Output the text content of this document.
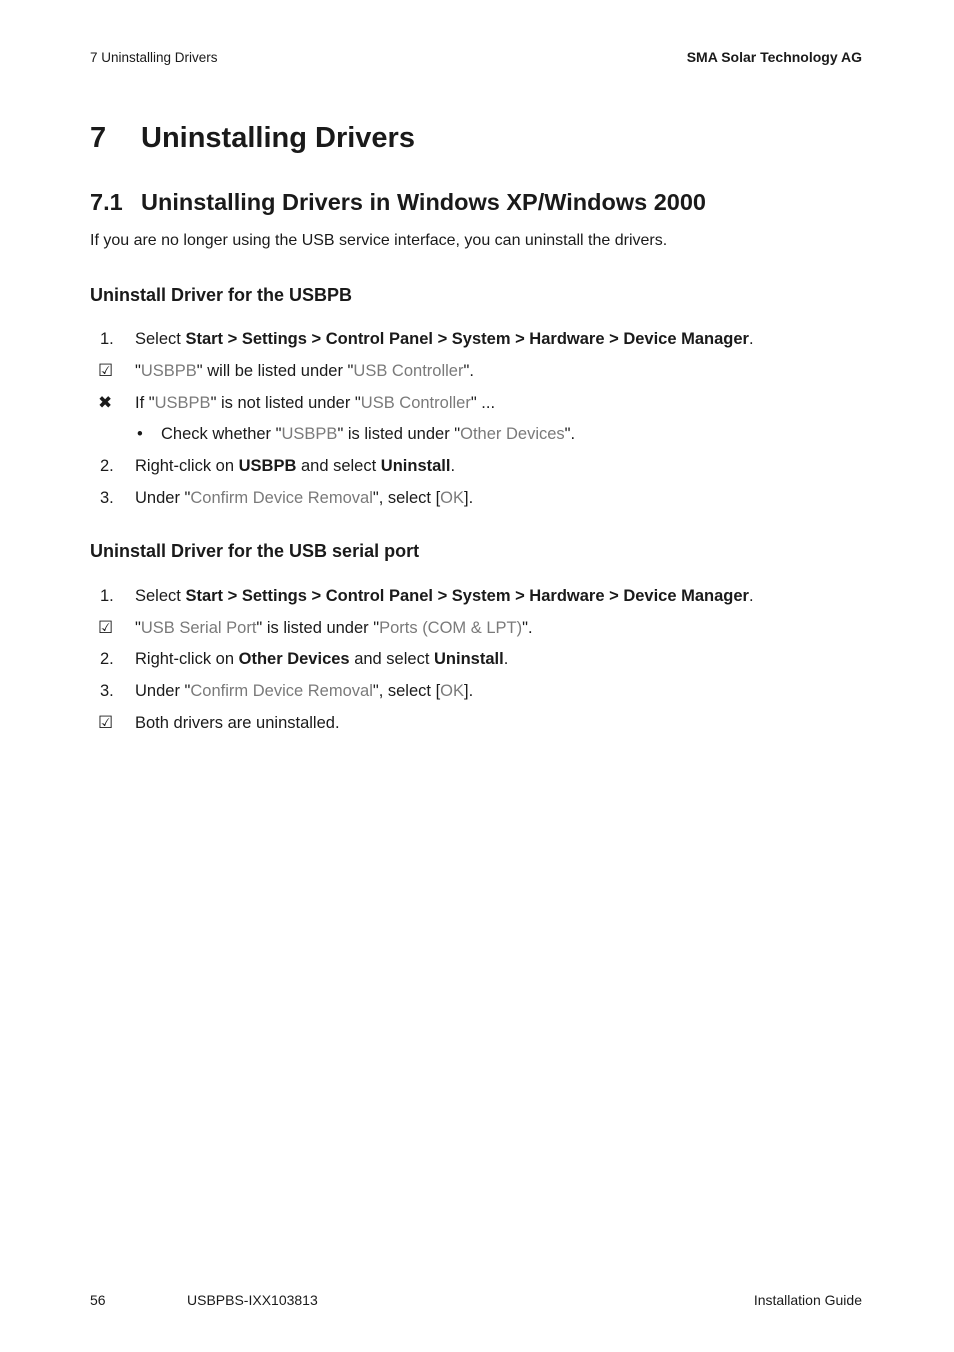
7 Uninstalling Drivers	SMA Solar Technology AG
7 Uninstalling Drivers
7.1 Uninstalling Drivers in Windows XP/Windows 2000
If you are no longer using the USB service interface, you can uninstall the drivers.
Uninstall Driver for the USBPB
1.	Select Start > Settings > Control Panel > System > Hardware > Device Manager.
☑	"USBPB" will be listed under "USB Controller".
✖	If "USBPB" is not listed under "USB Controller" ...
•	Check whether "USBPB" is listed under "Other Devices".
2.	Right-click on USBPB and select Uninstall.
3.	Under "Confirm Device Removal", select [OK].
Uninstall Driver for the USB serial port
1.	Select Start > Settings > Control Panel > System > Hardware > Device Manager.
☑	"USB Serial Port" is listed under "Ports (COM & LPT)".
2.	Right-click on Other Devices and select Uninstall.
3.	Under "Confirm Device Removal", select [OK].
☑	Both drivers are uninstalled.
56	USBPBS-IXX103813	Installation Guide
